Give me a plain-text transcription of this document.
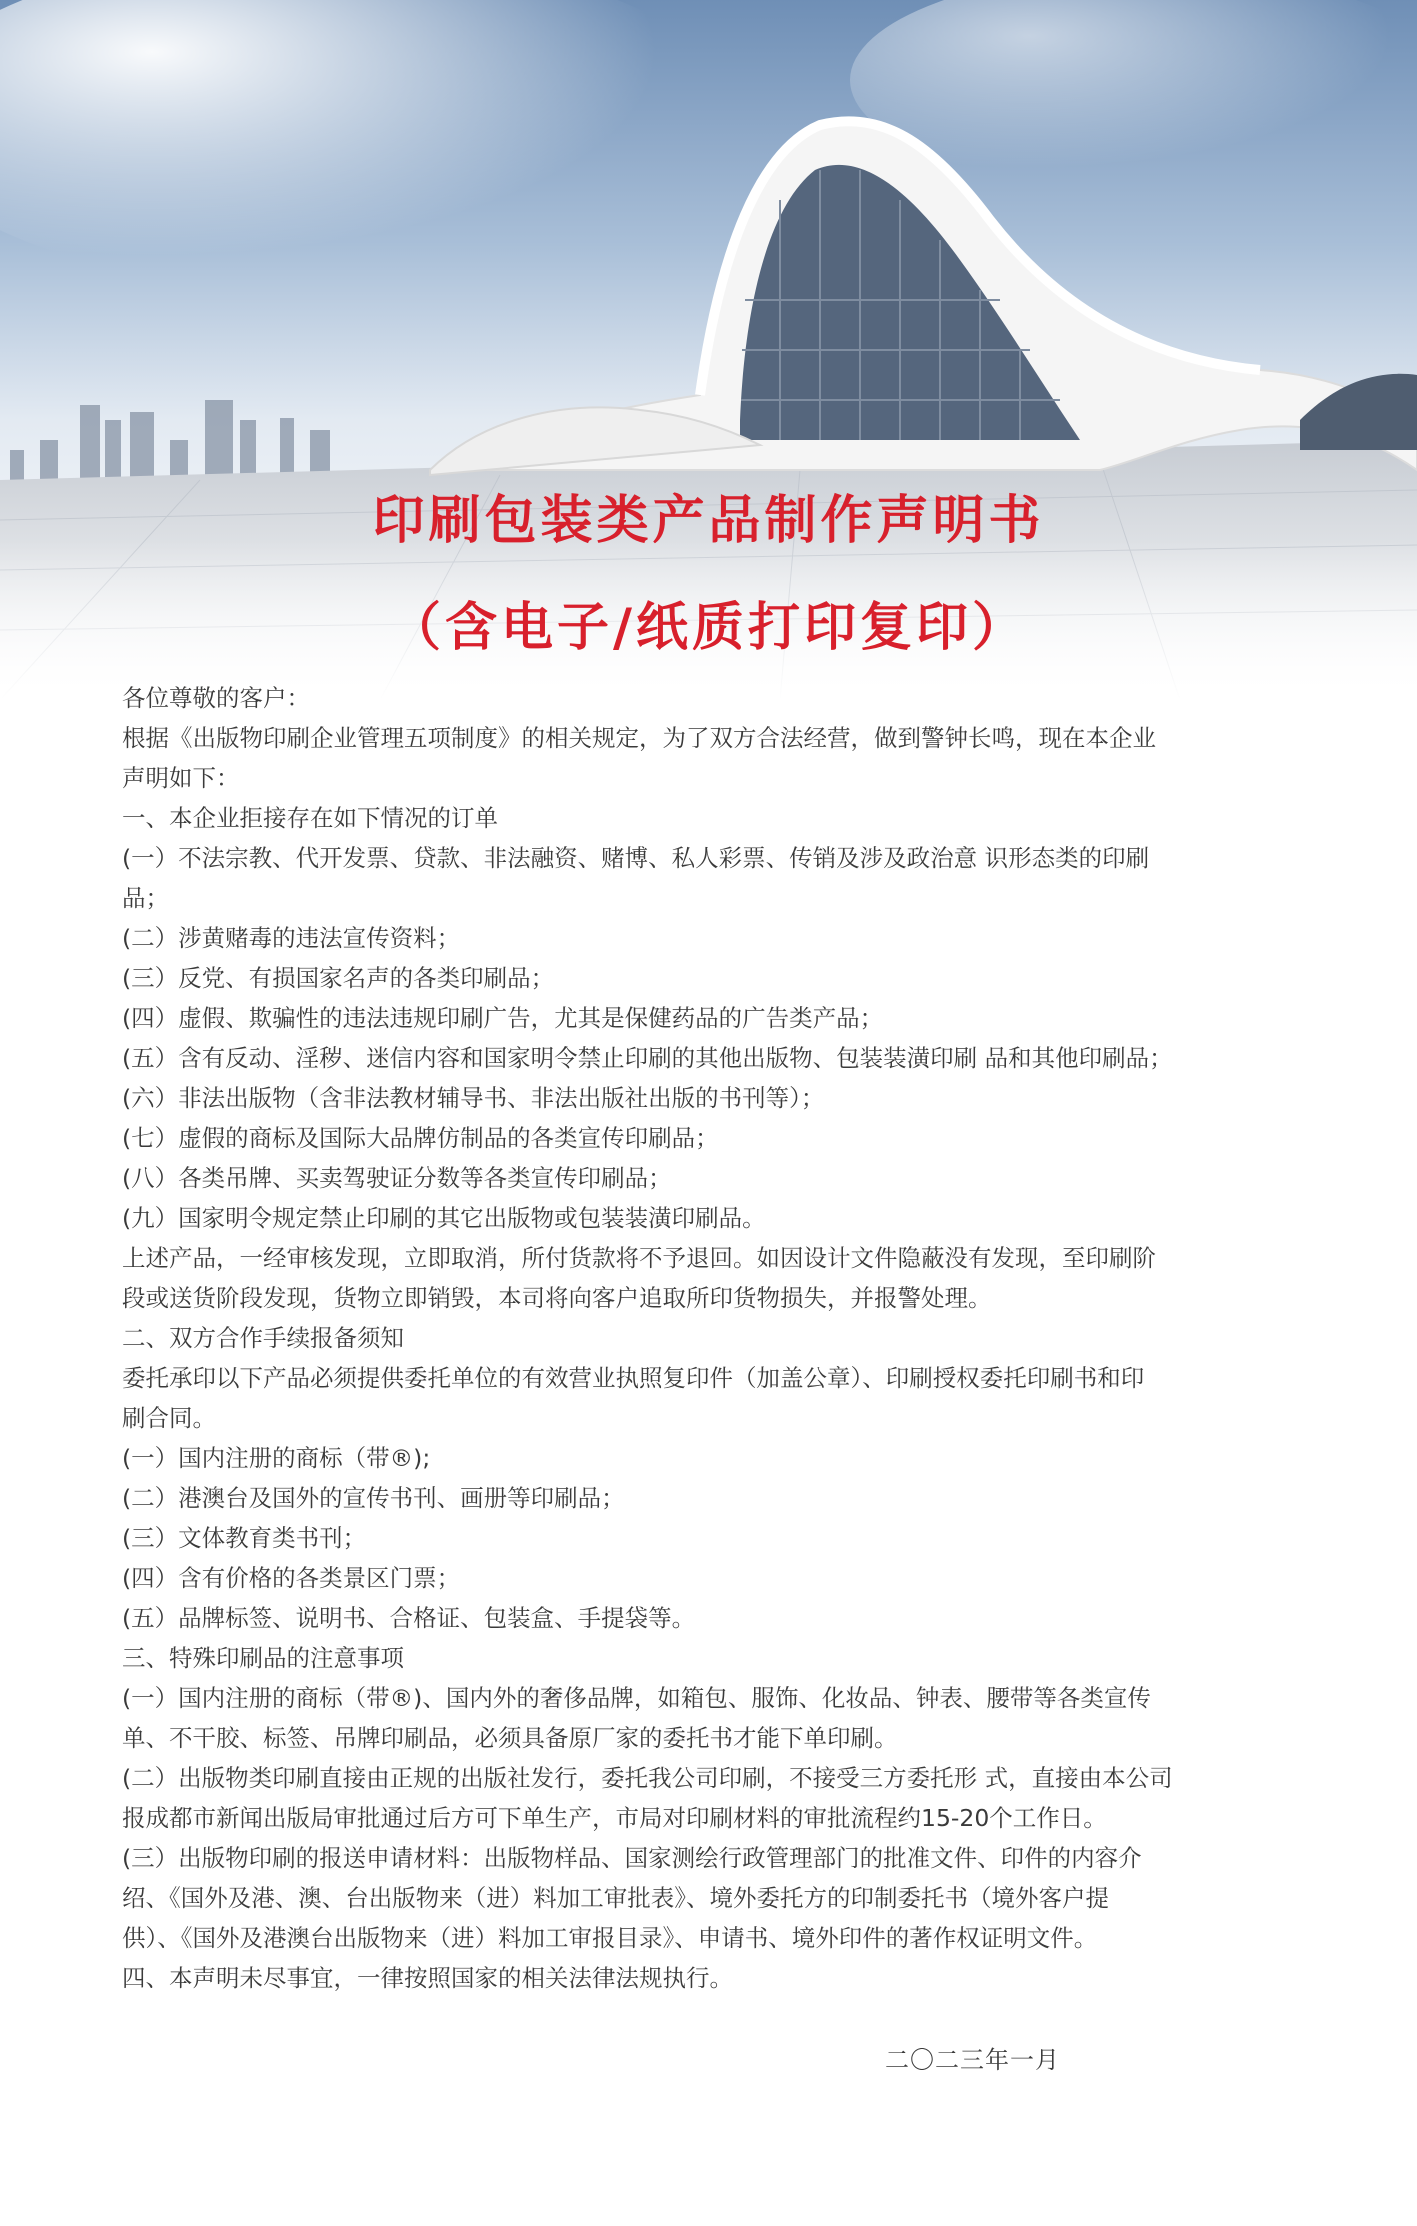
印刷包装类产品制作声明书
（含电子/纸质打印复印）

各位尊敬的客户：

根据《出版物印刷企业管理五项制度》的相关规定，为了双方合法经营，做到警钟长鸣，现在本企业

声明如下：

一、本企业拒接存在如下情况的订单

(一）不法宗教、代开发票、贷款、非法融资、赌博、私人彩票、传销及涉及政治意 识形态类的印刷

品；

(二）涉黄赌毒的违法宣传资料；

(三）反党、有损国家名声的各类印刷品；

(四）虚假、欺骗性的违法违规印刷广告，尤其是保健药品的广告类产品；

(五）含有反动、淫秽、迷信内容和国家明令禁止印刷的其他出版物、包装装潢印刷 品和其他印刷品；

(六）非法出版物（含非法教材辅导书、非法出版社出版的书刊等）；

(七）虚假的商标及国际大品牌仿制品的各类宣传印刷品；

(八）各类吊牌、买卖驾驶证分数等各类宣传印刷品；

(九）国家明令规定禁止印刷的其它出版物或包装装潢印刷品。

上述产品，一经审核发现，立即取消，所付货款将不予退回。如因设计文件隐蔽没有发现，至印刷阶

段或送货阶段发现，货物立即销毁，本司将向客户追取所印货物损失，并报警处理。

二、双方合作手续报备须知

委托承印以下产品必须提供委托单位的有效营业执照复印件（加盖公章）、印刷授权委托印刷书和印

刷合同。

(一）国内注册的商标（带®);

(二）港澳台及国外的宣传书刊、画册等印刷品；

(三）文体教育类书刊；

(四）含有价格的各类景区门票；

(五）品牌标签、说明书、合格证、包装盒、手提袋等。

三、特殊印刷品的注意事项

(一）国内注册的商标（带®)、国内外的奢侈品牌，如箱包、服饰、化妆品、钟表、腰带等各类宣传

单、不干胶、标签、吊牌印刷品，必须具备原厂家的委托书才能下单印刷。

(二）出版物类印刷直接由正规的出版社发行，委托我公司印刷，不接受三方委托形 式，直接由本公司

报成都市新闻出版局审批通过后方可下单生产，市局对印刷材料的审批流程约15-20个工作日。

(三）出版物印刷的报送申请材料：出版物样品、国家测绘行政管理部门的批准文件、印件的内容介

绍、《国外及港、澳、台出版物来（进）料加工审批表》、境外委托方的印制委托书（境外客户提

供）、《国外及港澳台出版物来（进）料加工审报目录》、申请书、境外印件的著作权证明文件。

四、本声明未尽事宜，一律按照国家的相关法律法规执行。

二〇二三年一月
